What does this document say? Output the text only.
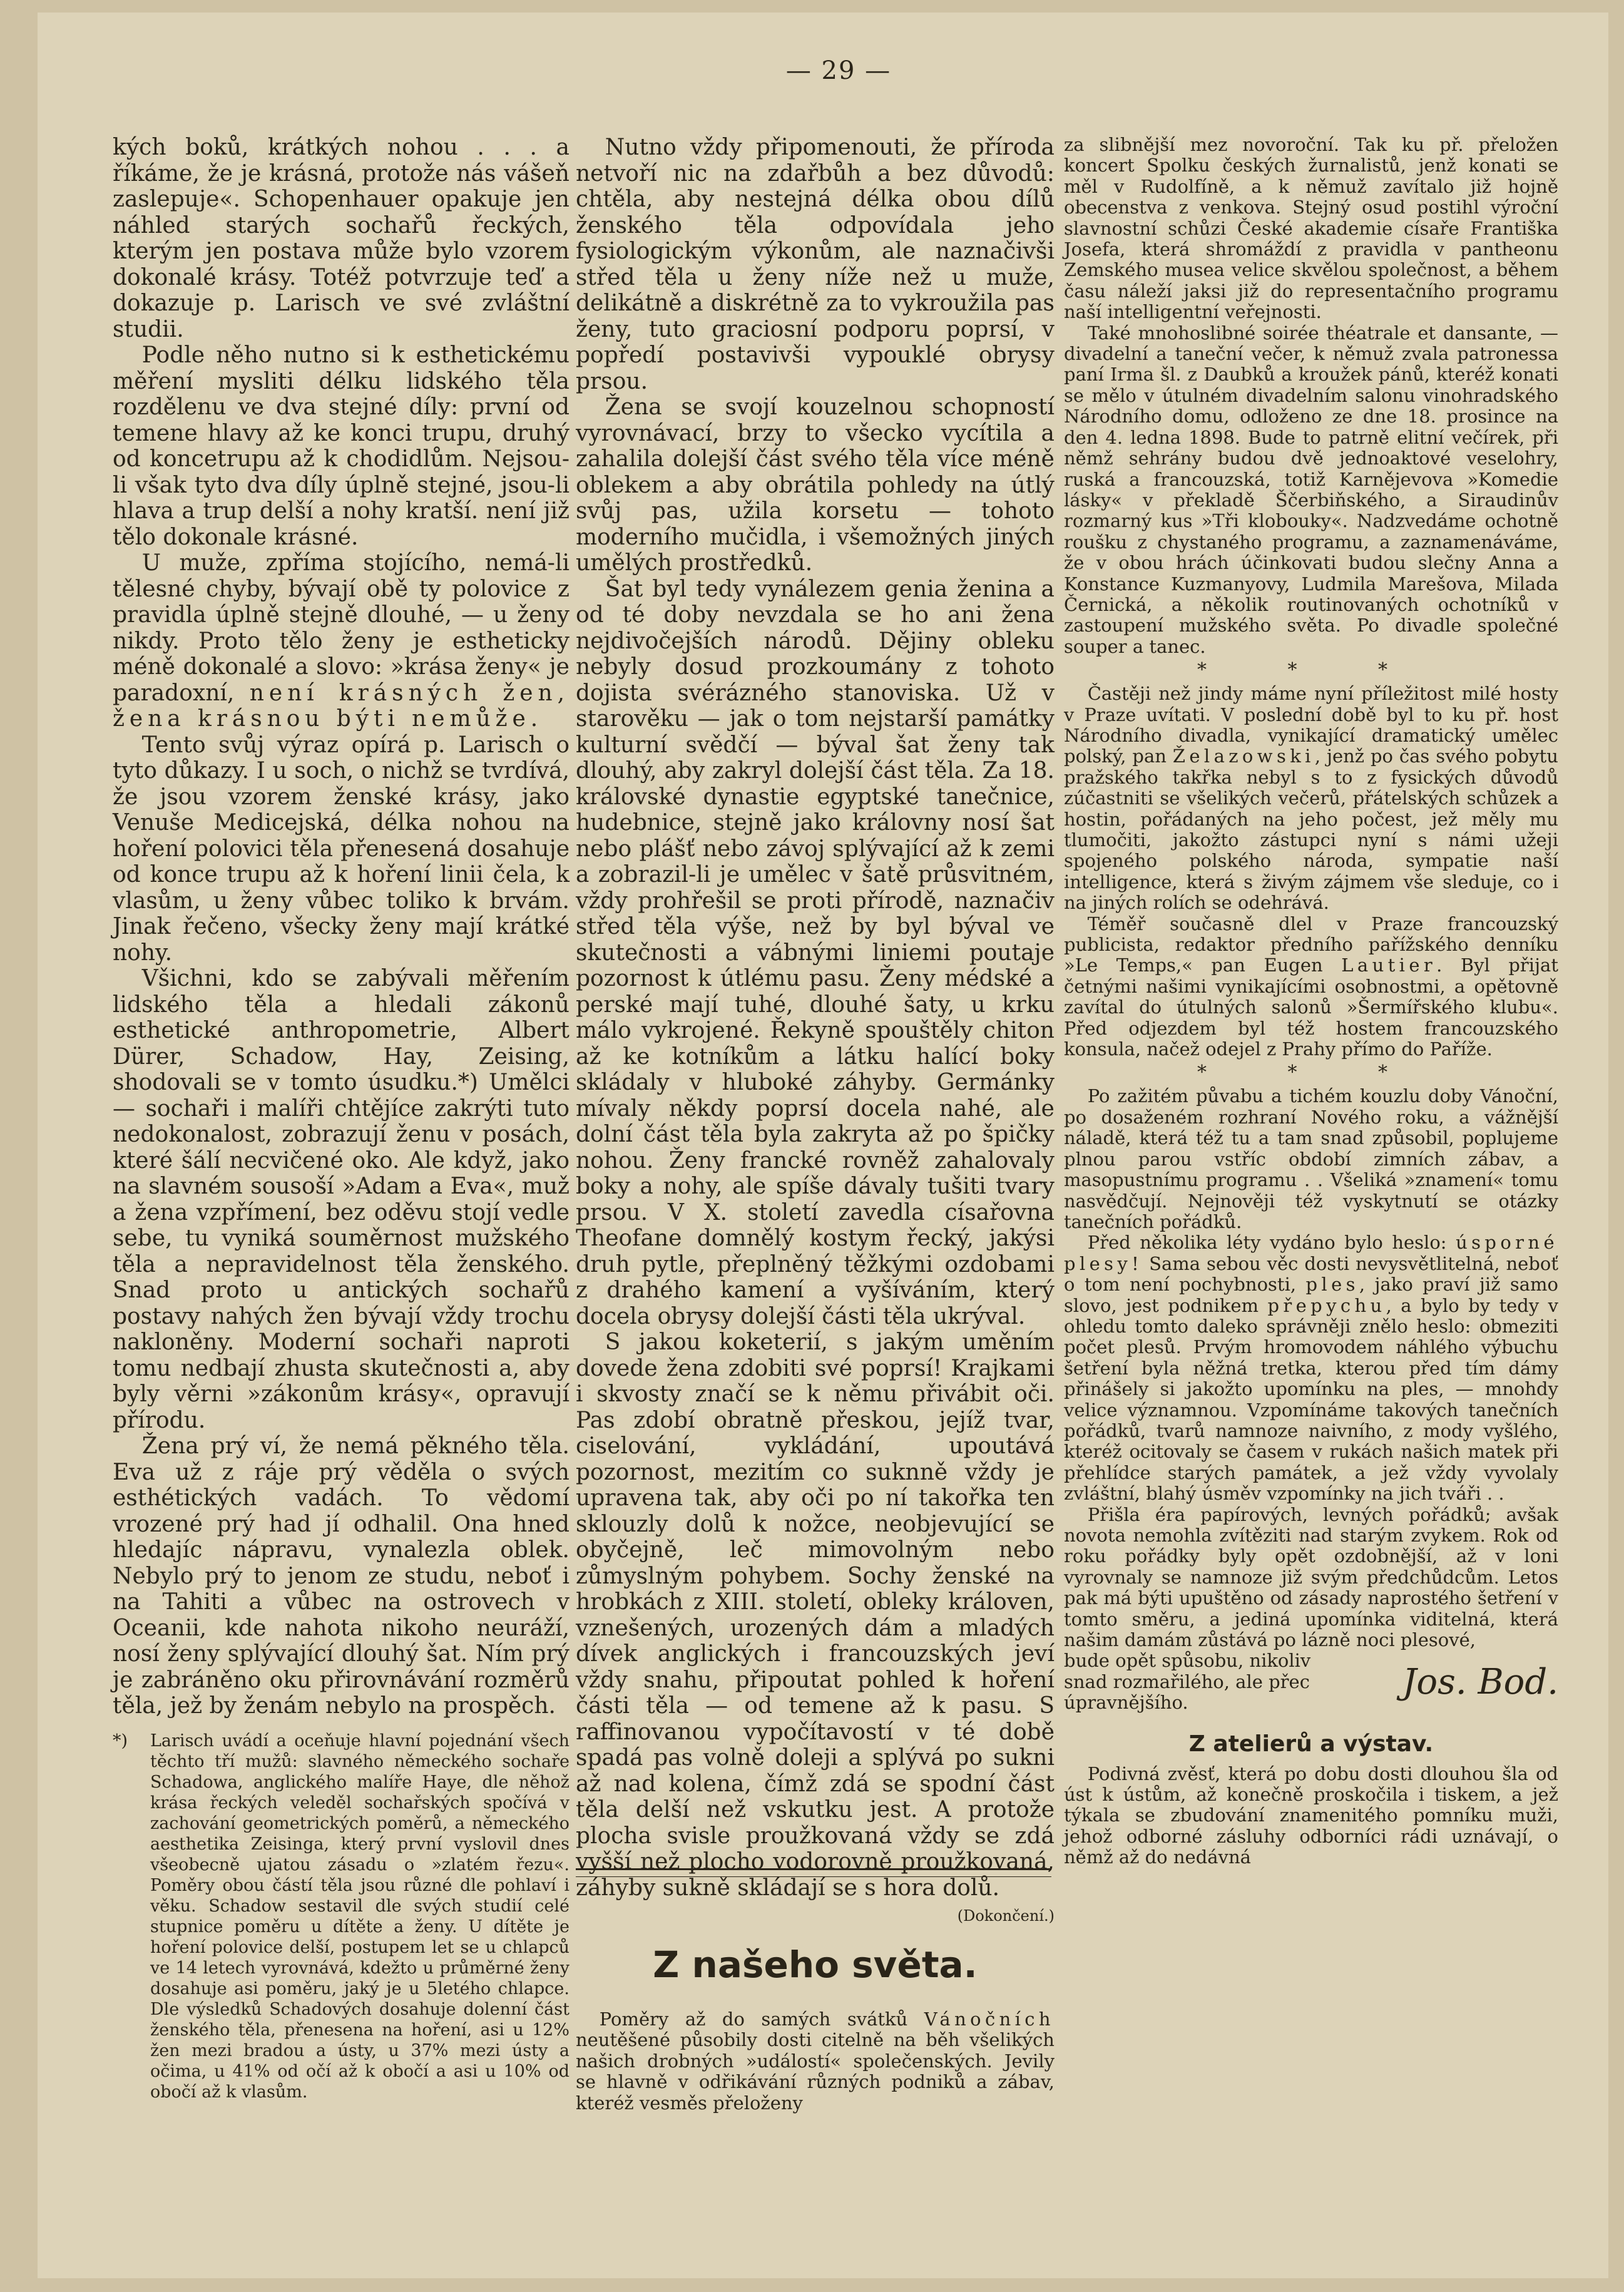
— 29 —

kých boků, krátkých nohou . . . a říkáme, že je krásná, protože nás vášeň zaslepuje«. Schopenhauer opakuje jen náhled starých sochařů řeckých, kterým jen postava může bylo vzorem dokonalé krásy. Totéž potvrzuje teď a dokazuje p. Larisch ve své zvláštní studii.

Podle něho nutno si k esthetickému měření mysliti délku lidského těla rozdělenu ve dva stejné díly: první od temene hlavy až ke konci trupu, druhý od koncetrupu až k chodidlům. Nejsou-li však tyto dva díly úplně stejné, jsou-li hlava a trup delší a nohy kratší. není již tělo dokonale krásné.

U muže, zpříma stojícího, nemá-li tělesné chyby, bývají obě ty polovice z pravidla úplně stejně dlouhé, — u ženy nikdy. Proto tělo ženy je estheticky méně dokonalé a slovo: »krása ženy« je paradoxní, není krásných žen, žena krásnou býti nemůže.

Tento svůj výraz opírá p. Larisch o tyto důkazy. I u soch, o nichž se tvrdívá, že jsou vzorem ženské krásy, jako Venuše Medicejská, délka nohou na hoření polovici těla přenesená dosahuje od konce trupu až k hoření linii čela, k vlasům, u ženy vůbec toliko k brvám. Jinak řečeno, všecky ženy mají krátké nohy.

Všichni, kdo se zabývali měřením lidského těla a hledali zákonů esthetické anthropometrie, Albert Dürer, Schadow, Hay, Zeising, shodovali se v tomto úsudku.*) Umělci — sochaři i malíři chtějíce zakrýti tuto nedokonalost, zobrazují ženu v posách, které šálí necvičené oko. Ale když, jako na slavném sousoší »Adam a Eva«, muž a žena vzpřímení, bez oděvu stojí vedle sebe, tu vyniká souměrnost mužského těla a nepravidelnost těla ženského. Snad proto u antických sochařů postavy nahých žen bývají vždy trochu nakloněny. Moderní sochaři naproti tomu nedbají zhusta skutečnosti a, aby byly věrni »zákonům krásy«, opravují přírodu.

Žena prý ví, že nemá pěkného těla. Eva už z ráje prý věděla o svých esthétických vadách. To vědomí vrozené prý had jí odhalil. Ona hned hledajíc nápravu, vynalezla oblek. Nebylo prý to jenom ze studu, neboť i na Tahiti a vůbec na ostrovech v Oceanii, kde nahota nikoho neuráží, nosí ženy splývající dlouhý šat. Ním prý je zabráněno oku přirovnávání rozměrů těla, jež by ženám nebylo na prospěch.

*) Larisch uvádí a oceňuje hlavní pojednání všech těchto tří mužů: slavného německého sochaře Schadowa, anglického malíře Haye, dle něhož krása řeckých veleděl sochařských spočívá v zachování geometrických poměrů, a německého aesthetika Zeisinga, který první vyslovil dnes všeobecně ujatou zásadu o »zlatém řezu«. Poměry obou částí těla jsou různé dle pohlaví i věku. Schadow sestavil dle svých studií celé stupnice poměru u dítěte a ženy. U dítěte je hoření polovice delší, postupem let se u chlapců ve 14 letech vyrovnává, kdežto u průměrné ženy dosahuje asi poměru, jaký je u 5letého chlapce. Dle výsledků Schadových dosahuje dolenní část ženského těla, přenesena na hoření, asi u 12% žen mezi bradou a ústy, u 37% mezi ústy a očima, u 41% od očí až k obočí a asi u 10% od obočí až k vlasům.

Nutno vždy připomenouti, že příroda netvoří nic na zdařbůh a bez důvodů: chtěla, aby nestejná délka obou dílů ženského těla odpovídala jeho fysiologickým výkonům, ale naznačivši střed těla u ženy níže než u muže, delikátně a diskrétně za to vykroužila pas ženy, tuto graciosní podporu poprsí, v popředí postavivši vypouklé obrysy prsou.

Žena se svojí kouzelnou schopností vyrovnávací, brzy to všecko vycítila a zahalila dolejší část svého těla více méně oblekem a aby obrátila pohledy na útlý svůj pas, užila korsetu — tohoto moderního mučidla, i všemožných jiných umělých prostředků.

Šat byl tedy vynálezem genia ženina a od té doby nevzdala se ho ani žena nejdivočejších národů. Dějiny obleku nebyly dosud prozkoumány z tohoto dojista svérázného stanoviska. Už v starověku — jak o tom nejstarší památky kulturní svědčí — býval šat ženy tak dlouhý, aby zakryl dolejší část těla. Za 18. královské dynastie egyptské tanečnice, hudebnice, stejně jako královny nosí šat nebo plášť nebo závoj splývající až k zemi a zobrazil-li je umělec v šatě průsvitném, vždy prohřešil se proti přírodě, naznačiv střed těla výše, než by byl býval ve skutečnosti a vábnými liniemi poutaje pozornost k útlému pasu. Ženy médské a perské mají tuhé, dlouhé šaty, u krku málo vykrojené. Řekyně spouštěly chiton až ke kotníkům a látku halící boky skládaly v hluboké záhyby. Germánky mívaly někdy poprsí docela nahé, ale dolní část těla byla zakryta až po špičky nohou. Ženy francké rovněž zahalovaly boky a nohy, ale spíše dávaly tušiti tvary prsou. V X. století zavedla císařovna Theofane domnělý kostym řecký, jakýsi druh pytle, přeplněný těžkými ozdobami z drahého kamení a vyšíváním, který docela obrysy dolejší části těla ukrýval.

S jakou koketerií, s jakým uměním dovede žena zdobiti své poprsí! Krajkami i skvosty značí se k němu přivábit oči. Pas zdobí obratně přeskou, jejíž tvar, ciselování, vykládání, upoutává pozornost, mezitím co suknně vždy je upravena tak, aby oči po ní takořka ten sklouzly dolů k nožce, neobjevující se obyčejně, leč mimovolným nebo zůmyslným pohybem. Sochy ženské na hrobkách z XIII. století, obleky královen, vznešených, urozených dám a mladých dívek anglických i francouzských jeví vždy snahu, připoutat pohled k hoření části těla — od temene až k pasu. S raffinovanou vypočítavostí v té době spadá pas volně doleji a splývá po sukni až nad kolena, čímž zdá se spodní část těla delší než vskutku jest. A protože plocha svisle proužkovaná vždy se zdá vyšší než plocho vodorovně proužkovaná, záhyby sukně skládají se s hora dolů.
(Dokončení.)

Z našeho světa.

Poměry až do samých svátků Vánočních neutěšené působily dosti citelně na běh všelikých našich drobných »událostí« společenských. Jevily se hlavně v odřikávání různých podniků a zábav, kteréž vesměs přeloženy

za slibnější mez novoroční. Tak ku př. přeložen koncert Spolku českých žurnalistů, jenž konati se měl v Rudolfíně, a k němuž zavítalo již hojně obecenstva z venkova. Stejný osud postihl výroční slavnostní schůzi České akademie císaře Františka Josefa, která shromáždí z pravidla v pantheonu Zemského musea velice skvělou společnost, a během času náleží jaksi již do representačního programu naší intelligentní veřejnosti.

Také mnohoslibné soirée théatrale et dansante, — divadelní a taneční večer, k němuž zvala patronessa paní Irma šl. z Daubků a kroužek pánů, kteréž konati se mělo v útulném divadelním salonu vinohradského Národního domu, odloženo ze dne 18. prosince na den 4. ledna 1898. Bude to patrně elitní večírek, při němž sehrány budou dvě jednoaktové veselohry, ruská a francouzská, totiž Karnějevova »Komedie lásky« v překladě Ščerbiňského, a Siraudinův rozmarný kus »Tři klobouky«. Nadzvedáme ochotně roušku z chystaného programu, a zaznamenáváme, že v obou hrách účinkovati budou slečny Anna a Konstance Kuzmanyovy, Ludmila Marešova, Milada Černická, a několik routinovaných ochotníků v zastoupení mužského světa. Po divadle společné souper a tanec.

* * *

Častěji než jindy máme nyní příležitost milé hosty v Praze uvítati. V poslední době byl to ku př. host Národního divadla, vynikající dramatický umělec polský, pan Želazowski, jenž po čas svého pobytu pražského takřka nebyl s to z fysických důvodů zúčastniti se všelikých večerů, přátelských schůzek a hostin, pořádaných na jeho počest, jež měly mu tlumočiti, jakožto zástupci nyní s námi užeji spojeného polského národa, sympatie naší intelligence, která s živým zájmem vše sleduje, co i na jiných rolích se odehrává.

Téměř současně dlel v Praze francouzský publicista, redaktor předního pařížského denníku »Le Temps,« pan Eugen Lautier. Byl přijat četnými našimi vynikajícími osobnostmi, a opětovně zavítal do útulných salonů »Šermířského klubu«. Před odjezdem byl též hostem francouzského konsula, načež odejel z Prahy přímo do Paříže.

* * *

Po zažitém půvabu a tichém kouzlu doby Vánoční, po dosaženém rozhraní Nového roku, a vážnější náladě, která též tu a tam snad způsobil, poplujeme plnou parou vstříc období zimních zábav, a masopustnímu programu . . Všeliká »znamení« tomu nasvědčují. Nejnověji též vyskytnutí se otázky tanečních pořádků.

Před několika léty vydáno bylo heslo: úsporné plesy! Sama sebou věc dosti nevysvětlitelná, neboť o tom není pochybnosti, ples, jako praví již samo slovo, jest podnikem přepychu, a bylo by tedy v ohledu tomto daleko správněji znělo heslo: obmeziti počet plesů. Prvým hromovodem náhlého výbuchu šetření byla něžná tretka, kterou před tím dámy přinášely si jakožto upomínku na ples, — mnohdy velice významnou. Vzpomínáme takových tanečních pořádků, tvarů namnoze naivního, z mody vyšlého, kteréž ocitovaly se časem v rukách našich matek při přehlídce starých památek, a jež vždy vyvolaly zvláštní, blahý úsměv vzpomínky na jich tváři . .

Přišla éra papírových, levných pořádků; avšak novota nemohla zvítěziti nad starým zvykem. Rok od roku pořádky byly opět ozdobnější, až v loni vyrovnaly se namnoze již svým předchůdcům. Letos pak má býti upuštěno od zásady naprostého šetření v tomto směru, a jediná upomínka viditelná, která našim damám zůstává po lázně noci plesové,

bude opět spůsobu, nikoliv snad rozmařilého, ale přec úpravnějšího.
Jos. Bod.

Z atelierů a výstav.

Podivná zvěsť, která po dobu dosti dlouhou šla od úst k ústům, až konečně proskočila i tiskem, a jež týkala se zbudování znamenitého pomníku muži, jehož odborné zásluhy odborníci rádi uznávají, o němž až do nedávná
